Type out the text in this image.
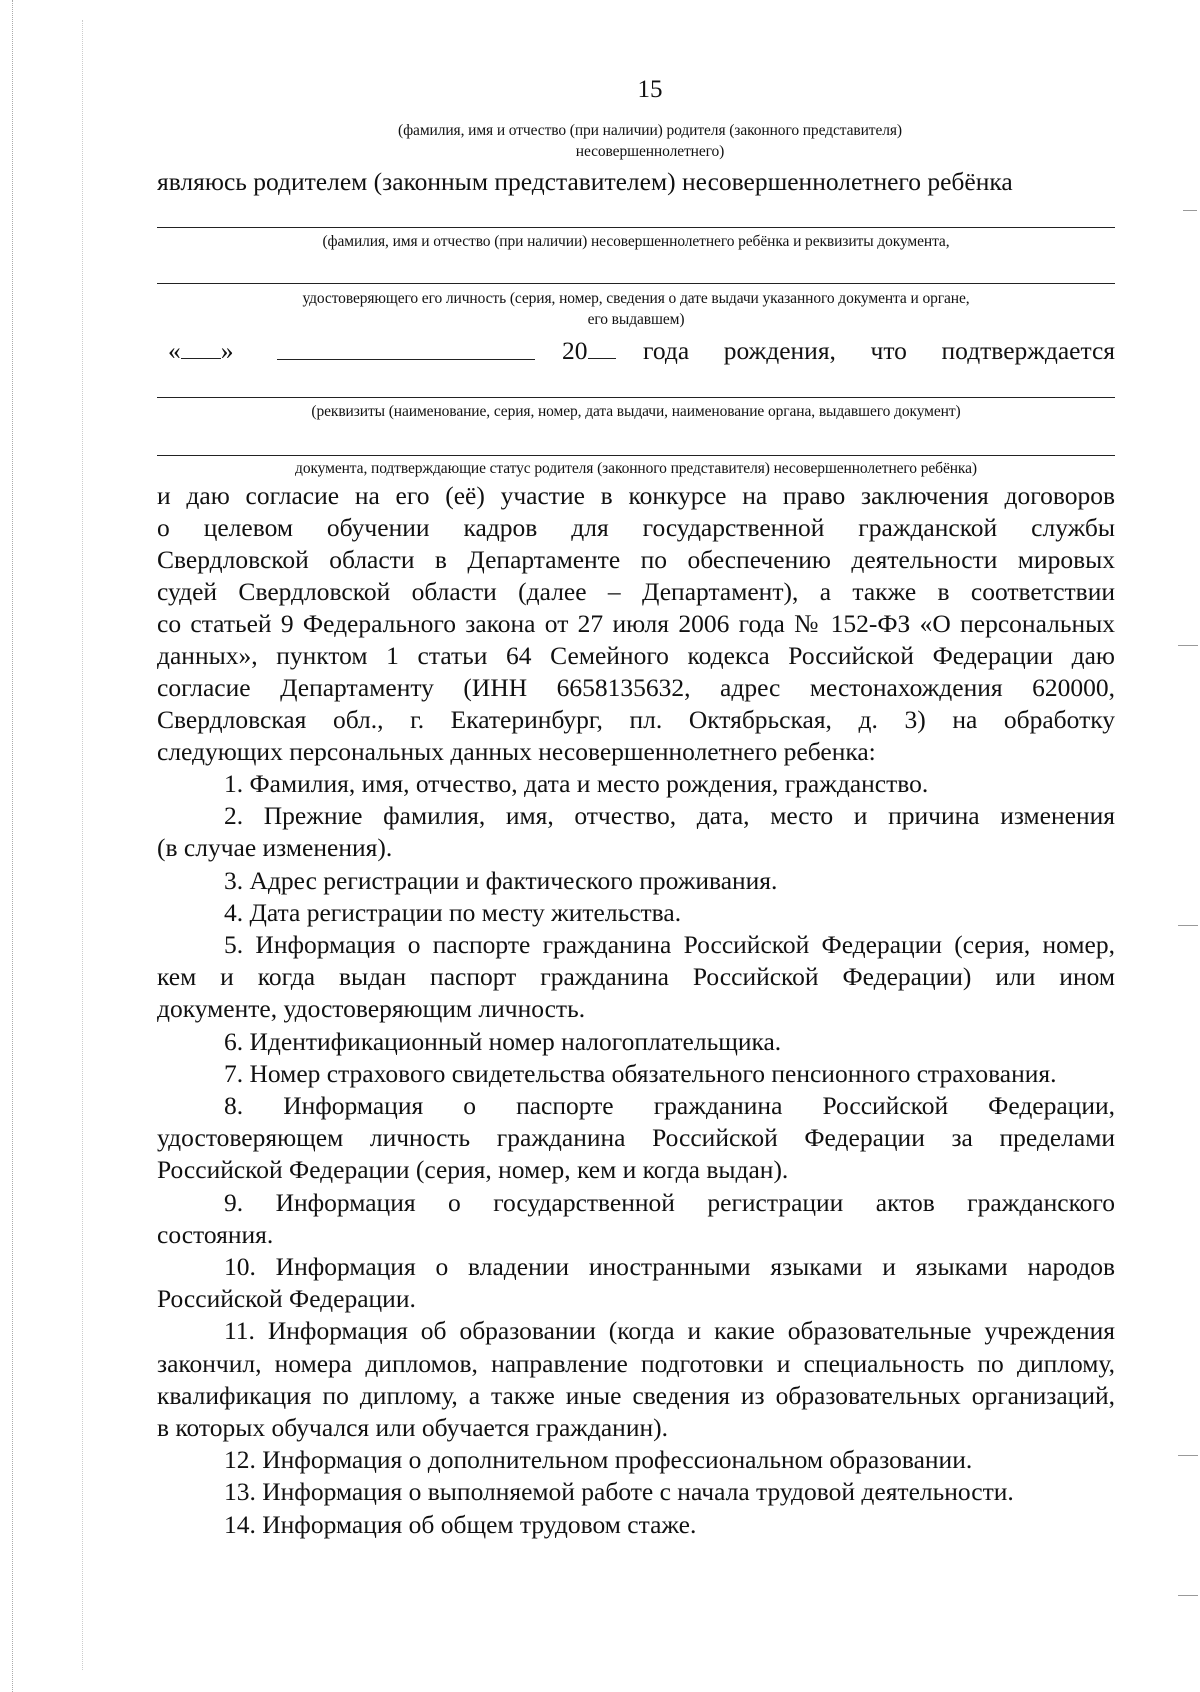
15
(фамилия, имя и отчество (при наличии) родителя (законного представителя)
несовершеннолетнего)
являюсь родителем (законным представителем) несовершеннолетнего ребёнка
(фамилия, имя и отчество (при наличии) несовершеннолетнего ребёнка и реквизиты документа,
удостоверяющего его личность (серия, номер, сведения о дате выдачи указанного документа и органе,
его выдавшем)
« »	20	года рождения, что подтверждается
(реквизиты (наименование, серия, номер, дата выдачи, наименование органа, выдавшего документ)
документа, подтверждающие статус родителя (законного представителя) несовершеннолетнего ребёнка)
и даю согласие на его (её) участие в конкурсе на право заключения договоров
о целевом обучении кадров для государственной гражданской службы
Свердловской области в Департаменте по обеспечению деятельности мировых
судей Свердловской области (далее – Департамент), а также в соответствии
со статьей 9 Федерального закона от 27 июля 2006 года № 152-ФЗ «О персональных
данных», пунктом 1 статьи 64 Семейного кодекса Российской Федерации даю
согласие Департаменту (ИНН 6658135632, адрес местонахождения 620000,
Свердловская обл., г. Екатеринбург, пл. Октябрьская, д. 3) на обработку
следующих персональных данных несовершеннолетнего ребенка:
1. Фамилия, имя, отчество, дата и место рождения, гражданство.
2. Прежние фамилия, имя, отчество, дата, место и причина изменения
(в случае изменения).
3. Адрес регистрации и фактического проживания.
4. Дата регистрации по месту жительства.
5. Информация о паспорте гражданина Российской Федерации (серия, номер,
кем и когда выдан паспорт гражданина Российской Федерации) или ином
документе, удостоверяющим личность.
6. Идентификационный номер налогоплательщика.
7. Номер страхового свидетельства обязательного пенсионного страхования.
8. Информация о паспорте гражданина Российской Федерации,
удостоверяющем личность гражданина Российской Федерации за пределами
Российской Федерации (серия, номер, кем и когда выдан).
9. Информация о государственной регистрации актов гражданского
состояния.
10. Информация о владении иностранными языками и языками народов
Российской Федерации.
11. Информация об образовании (когда и какие образовательные учреждения
закончил, номера дипломов, направление подготовки и специальность по диплому,
квалификация по диплому, а также иные сведения из образовательных организаций,
в которых обучался или обучается гражданин).
12. Информация о дополнительном профессиональном образовании.
13. Информация о выполняемой работе с начала трудовой деятельности.
14. Информация об общем трудовом стаже.
